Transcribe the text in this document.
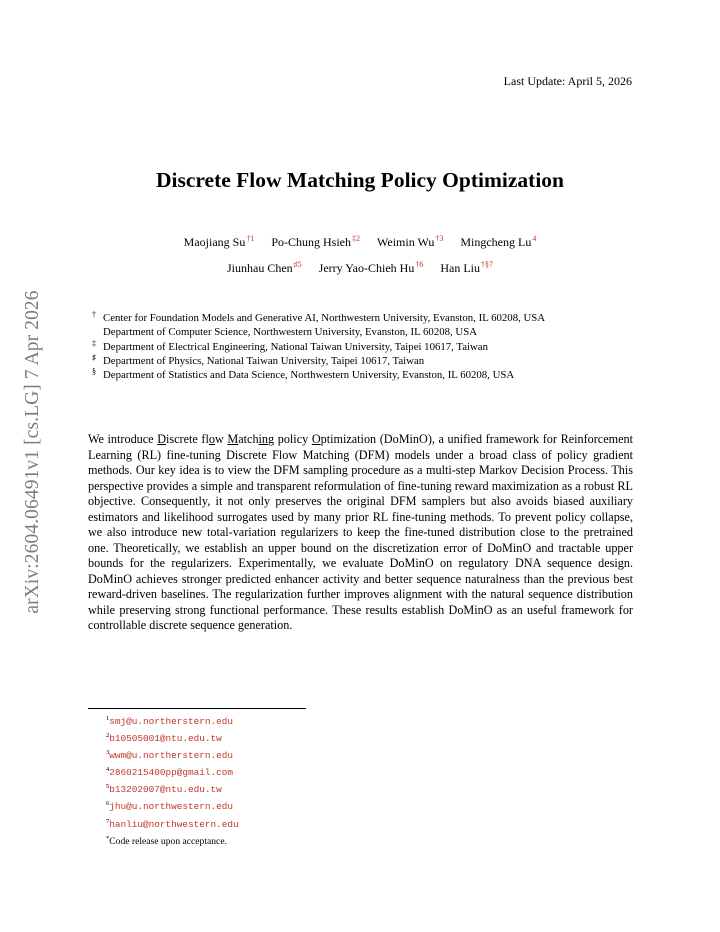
arXiv:2604.06491v1 [cs.LG] 7 Apr 2026
Last Update: April 5, 2026
Discrete Flow Matching Policy Optimization
Maojiang Su$^{\dagger 1}$ Po-Chung Hsieh$^{\ddagger 2}$ Weimin Wu$^{\dagger 3}$ Mingcheng Lu$^4$
Jiunhau Chen$^{♯5}$ Jerry Yao-Chieh Hu$^{\dagger 6}$ Han Liu$^{\dagger\S 7}$
† Center for Foundation Models and Generative AI, Northwestern University, Evanston, IL 60208, USA
Department of Computer Science, Northwestern University, Evanston, IL 60208, USA
‡ Department of Electrical Engineering, National Taiwan University, Taipei 10617, Taiwan
♯ Department of Physics, National Taiwan University, Taipei 10617, Taiwan
§ Department of Statistics and Data Science, Northwestern University, Evanston, IL 60208, USA

We introduce Discrete flow Matching policy Optimization (DoMinO), a unified framework for Reinforcement Learning (RL) fine-tuning Discrete Flow Matching (DFM) models under a broad class of policy gradient methods. Our key idea is to view the DFM sampling procedure as a multi-step Markov Decision Process. This perspective provides a simple and transparent reformulation of fine-tuning reward maximization as a robust RL objective. Consequently, it not only preserves the original DFM samplers but also avoids biased auxiliary estimators and likelihood surrogates used by many prior RL fine-tuning methods. To prevent policy collapse, we also introduce new total-variation regularizers to keep the fine-tuned distribution close to the pretrained one. Theoretically, we establish an upper bound on the discretization error of DoMinO and tractable upper bounds for the regularizers. Experimentally, we evaluate DoMinO on regulatory DNA sequence design. DoMinO achieves stronger predicted enhancer activity and better sequence naturalness than the previous best reward-driven baselines. The regularization further improves alignment with the natural sequence distribution while preserving strong functional performance. These results establish DoMinO as an useful framework for controllable discrete sequence generation.

$^1$smj@u.northerstern.edu
$^2$b10505001@ntu.edu.tw
$^3$wwm@u.northerstern.edu
$^4$2860215400pp@gmail.com
$^5$b13202007@ntu.edu.tw
$^6$jhu@u.northwestern.edu
$^7$hanliu@northwestern.edu
*Code release upon acceptance.
